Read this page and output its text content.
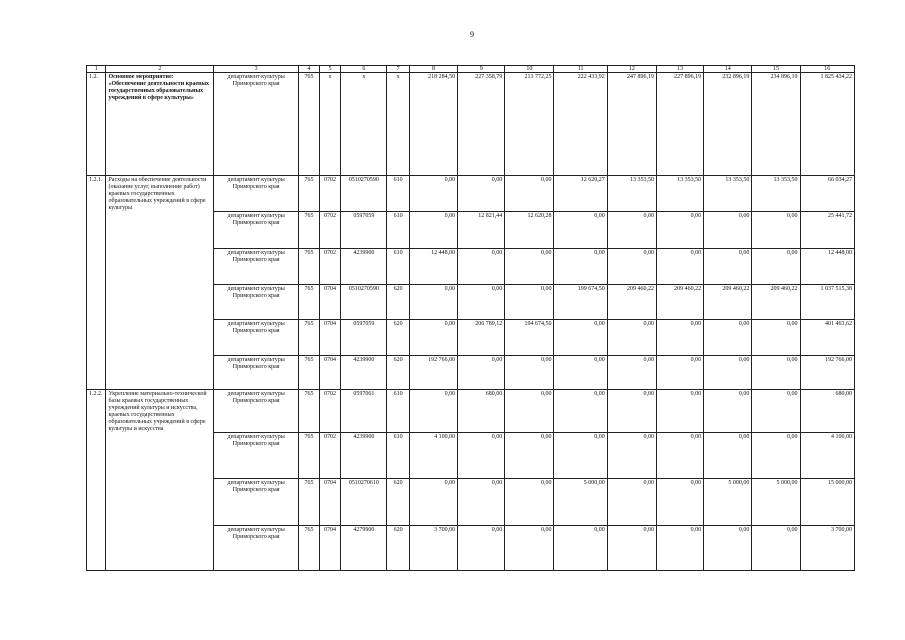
9
1	2	3	4	5	6	7	8	9	10	11	12	13	14	15	16
1.2.	Основное мероприятие: «Обеспечение деятельности краевых государственных образовательных учреждений в сфере культуры»	департамент культуры Приморского края	765	х	х	х	218 284,50	227 358,79	213 772,25	222 433,92	247 896,19	227 896,19	232 896,19	234 896,19	1 825 434,22
1.2.1.	Расходы на обеспечение деятельности (оказание услуг, выполнение работ) краевых государственных образовательных учреждений в сфере культуры	департамент культуры Приморского края	765	0702	0510270590	610	0,00	0,00	0,00	12 620,27	13 353,50	13 353,50	13 353,50	13 353,50	66 034,27
		департамент культуры Приморского края	765	0702	0597059	610	0,00	12 821,44	12 620,28	0,00	0,00	0,00	0,00	0,00	25 441,72
		департамент культуры Приморского края	765	0702	4239900	610	12 448,00	0,00	0,00	0,00	0,00	0,00	0,00	0,00	12 448,00
		департамент культуры Приморского края	765	0704	0510270590	620	0,00	0,00	0,00	199 674,50	209 460,22	209 460,22	209 460,22	209 460,22	1 037 515,38
		департамент культуры Приморского края	765	0704	0597059	620	0,00	206 789,12	194 674,50	0,00	0,00	0,00	0,00	0,00	401 463,62
		департамент культуры Приморского края	765	0704	4239900	620	192 766,00	0,00	0,00	0,00	0,00	0,00	0,00	0,00	192 766,00
1.2.2.	Укрепление материально-технической базы краевых государственных учреждений культуры и искусства, краевых государственных образовательных учреждений в сфере культуры и искусства	департамент культуры Приморского края	765	0702	0597061	610	0,00	680,00	0,00	0,00	0,00	0,00	0,00	0,00	680,00
		департамент культуры Приморского края	765	0702	4239900	610	4 100,00	0,00	0,00	0,00	0,00	0,00	0,00	0,00	4 100,00
		департамент культуры Приморского края	765	0704	0510270610	620	0,00	0,00	0,00	5 000,00	0,00	0,00	5 000,00	5 000,00	15 000,00
		департамент культуры Приморского края	765	0704	4279900	620	3 700,00	0,00	0,00	0,00	0,00	0,00	0,00	0,00	3 700,00
